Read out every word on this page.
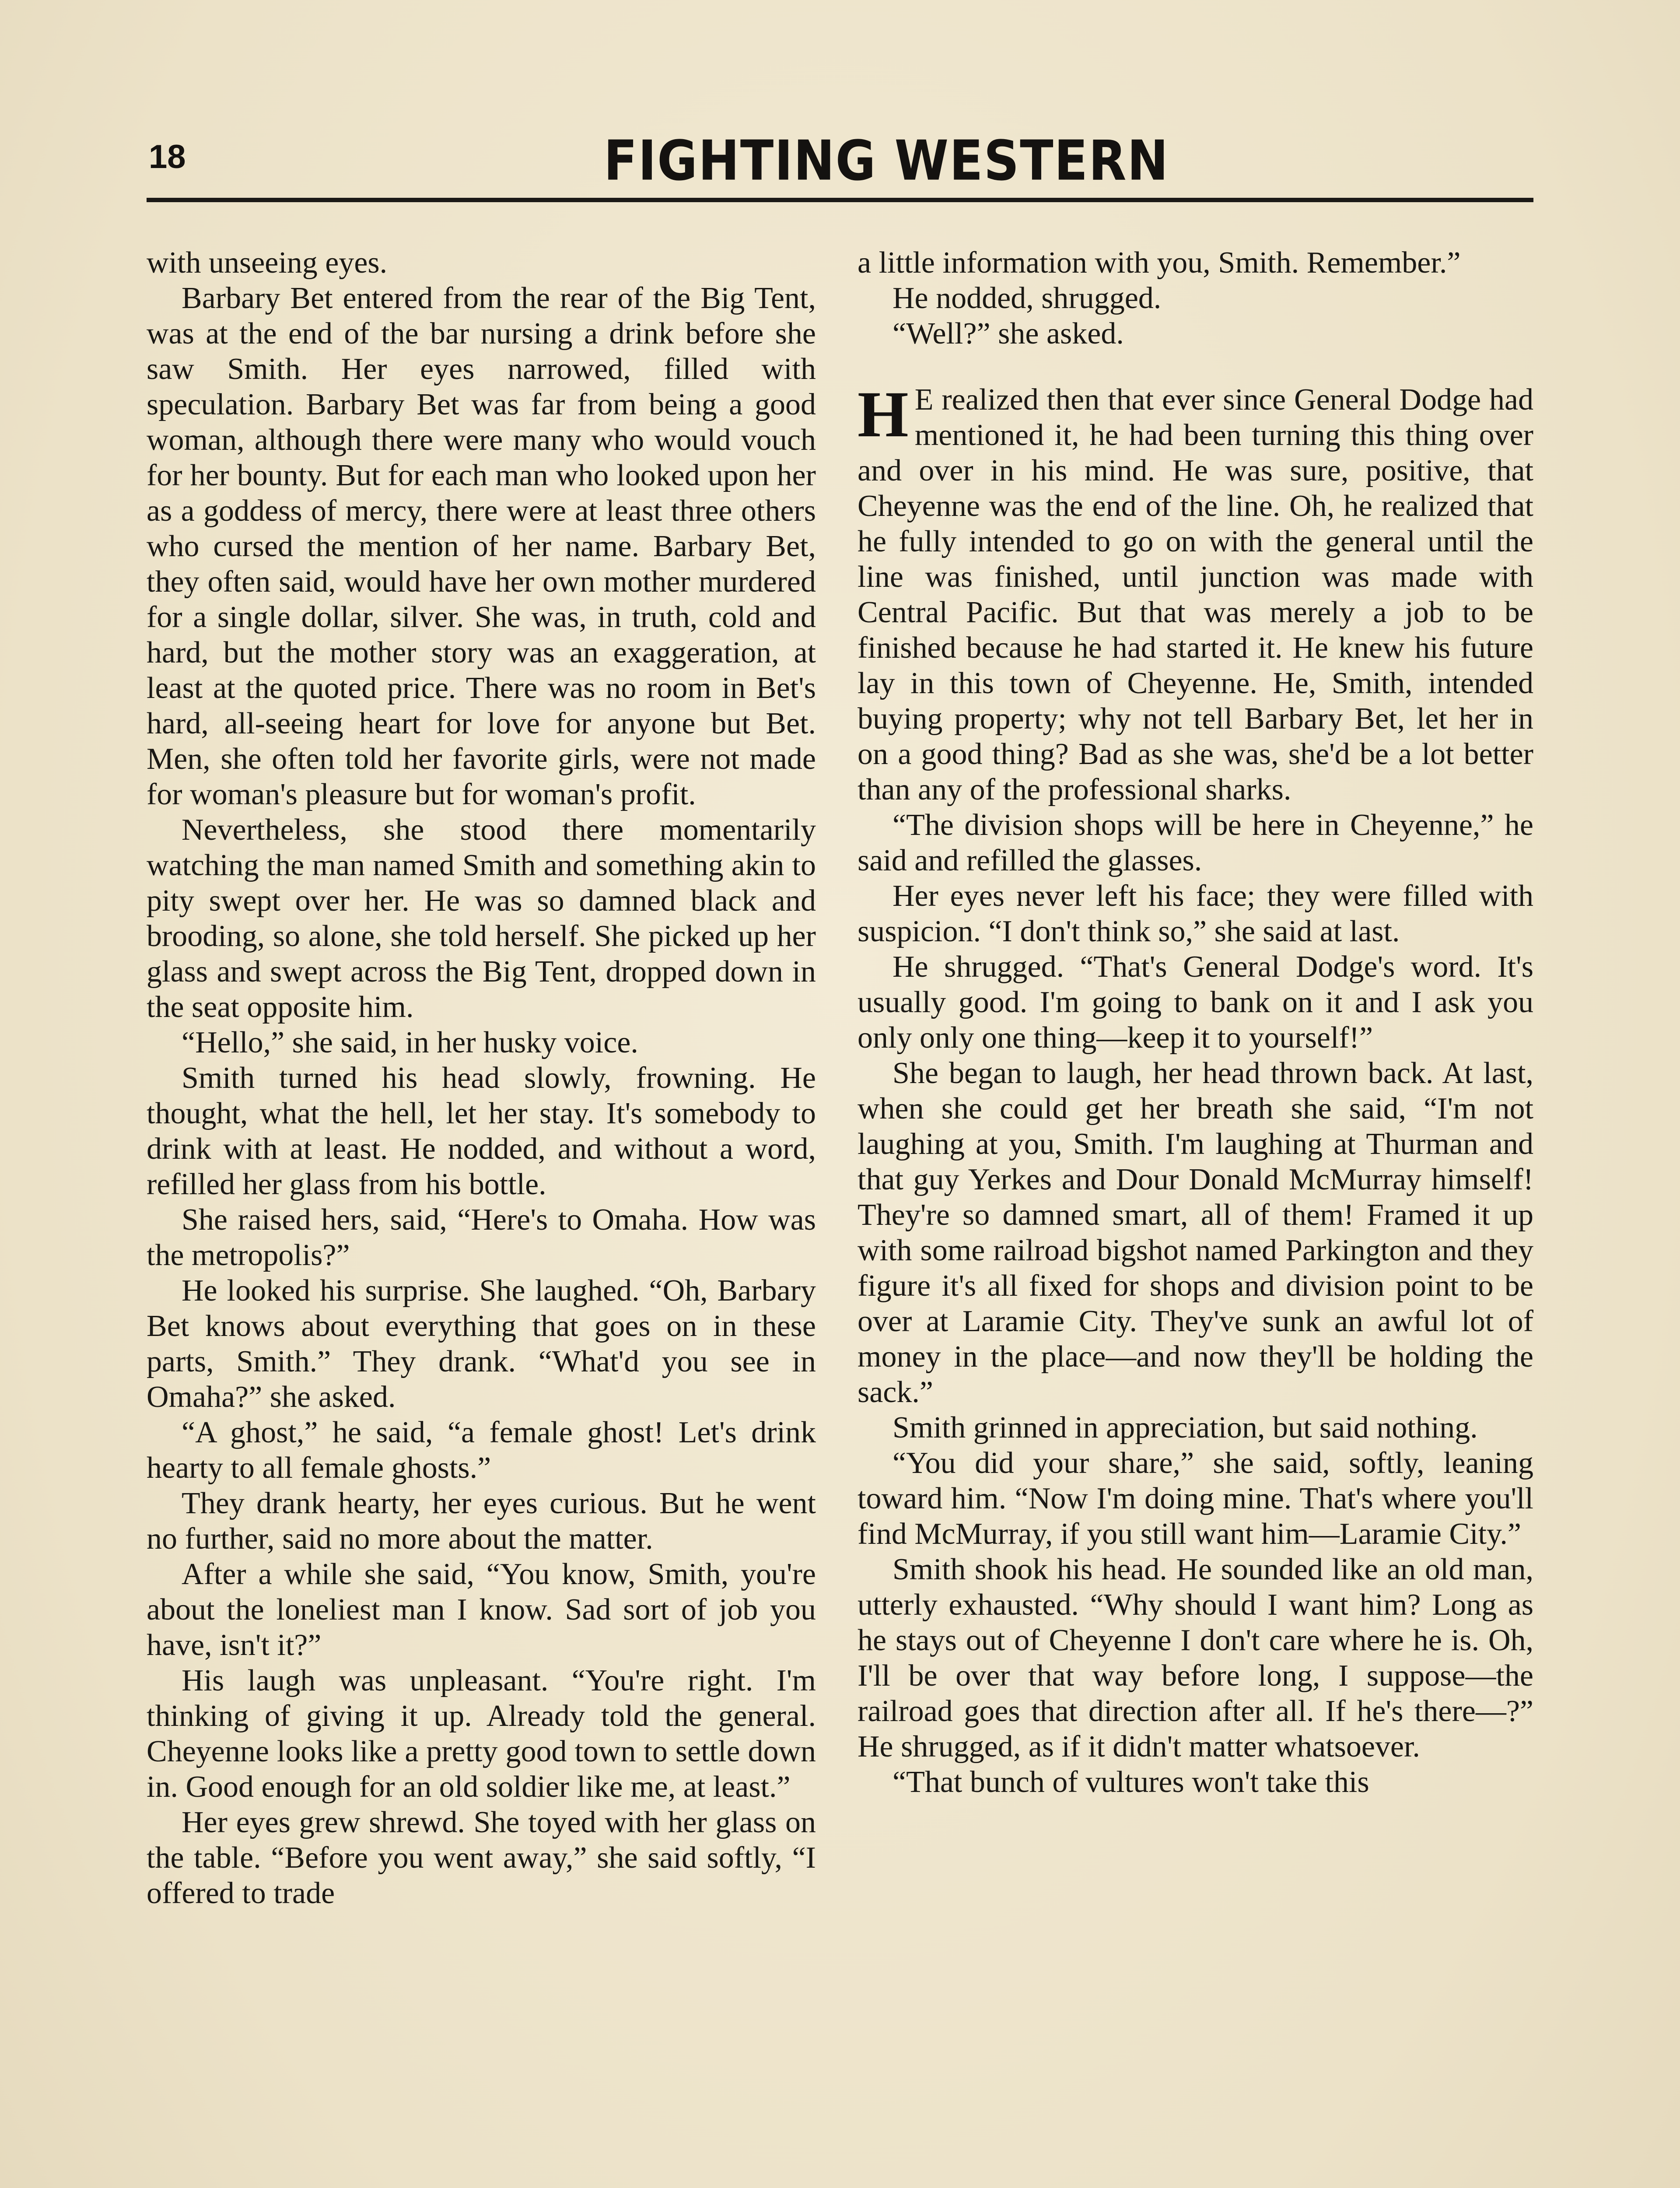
18	FIGHTING WESTERN

with unseeing eyes.

Barbary Bet entered from the rear of the Big Tent, was at the end of the bar nursing a drink before she saw Smith. Her eyes narrowed, filled with speculation. Barbary Bet was far from being a good woman, although there were many who would vouch for her bounty. But for each man who looked upon her as a goddess of mercy, there were at least three others who cursed the mention of her name. Barbary Bet, they often said, would have her own mother murdered for a single dollar, silver. She was, in truth, cold and hard, but the mother story was an exaggeration, at least at the quoted price. There was no room in Bet's hard, all-seeing heart for love for anyone but Bet. Men, she often told her favorite girls, were not made for woman's pleasure but for woman's profit.

Nevertheless, she stood there momentarily watching the man named Smith and something akin to pity swept over her. He was so damned black and brooding, so alone, she told herself. She picked up her glass and swept across the Big Tent, dropped down in the seat opposite him.

“Hello,” she said, in her husky voice.

Smith turned his head slowly, frowning. He thought, what the hell, let her stay. It's somebody to drink with at least. He nodded, and without a word, refilled her glass from his bottle.

She raised hers, said, “Here's to Omaha. How was the metropolis?”

He looked his surprise. She laughed. “Oh, Barbary Bet knows about everything that goes on in these parts, Smith.” They drank. “What'd you see in Omaha?” she asked.

“A ghost,” he said, “a female ghost! Let's drink hearty to all female ghosts.”

They drank hearty, her eyes curious. But he went no further, said no more about the matter.

After a while she said, “You know, Smith, you're about the loneliest man I know. Sad sort of job you have, isn't it?”

His laugh was unpleasant. “You're right. I'm thinking of giving it up. Already told the general. Cheyenne looks like a pretty good town to settle down in. Good enough for an old soldier like me, at least.”

Her eyes grew shrewd. She toyed with her glass on the table. “Before you went away,” she said softly, “I offered to trade

a little information with you, Smith. Remember.”

He nodded, shrugged.

“Well?” she asked.

H E realized then that ever since General Dodge had mentioned it, he had been turning this thing over and over in his mind. He was sure, positive, that Cheyenne was the end of the line. Oh, he realized that he fully intended to go on with the general until the line was finished, until junction was made with Central Pacific. But that was merely a job to be finished because he had started it. He knew his future lay in this town of Cheyenne. He, Smith, intended buying property; why not tell Barbary Bet, let her in on a good thing? Bad as she was, she'd be a lot better than any of the professional sharks.

“The division shops will be here in Cheyenne,” he said and refilled the glasses.

Her eyes never left his face; they were filled with suspicion. “I don't think so,” she said at last.

He shrugged. “That's General Dodge's word. It's usually good. I'm going to bank on it and I ask you only only one thing—keep it to yourself!”

She began to laugh, her head thrown back. At last, when she could get her breath she said, “I'm not laughing at you, Smith. I'm laughing at Thurman and that guy Yerkes and Dour Donald McMurray himself! They're so damned smart, all of them! Framed it up with some railroad bigshot named Parkington and they figure it's all fixed for shops and division point to be over at Laramie City. They've sunk an awful lot of money in the place—and now they'll be holding the sack.”

Smith grinned in appreciation, but said nothing.

“You did your share,” she said, softly, leaning toward him. “Now I'm doing mine. That's where you'll find McMurray, if you still want him—Laramie City.”

Smith shook his head. He sounded like an old man, utterly exhausted. “Why should I want him? Long as he stays out of Cheyenne I don't care where he is. Oh, I'll be over that way before long, I suppose—the railroad goes that direction after all. If he's there—?” He shrugged, as if it didn't matter whatsoever.

“That bunch of vultures won't take this
